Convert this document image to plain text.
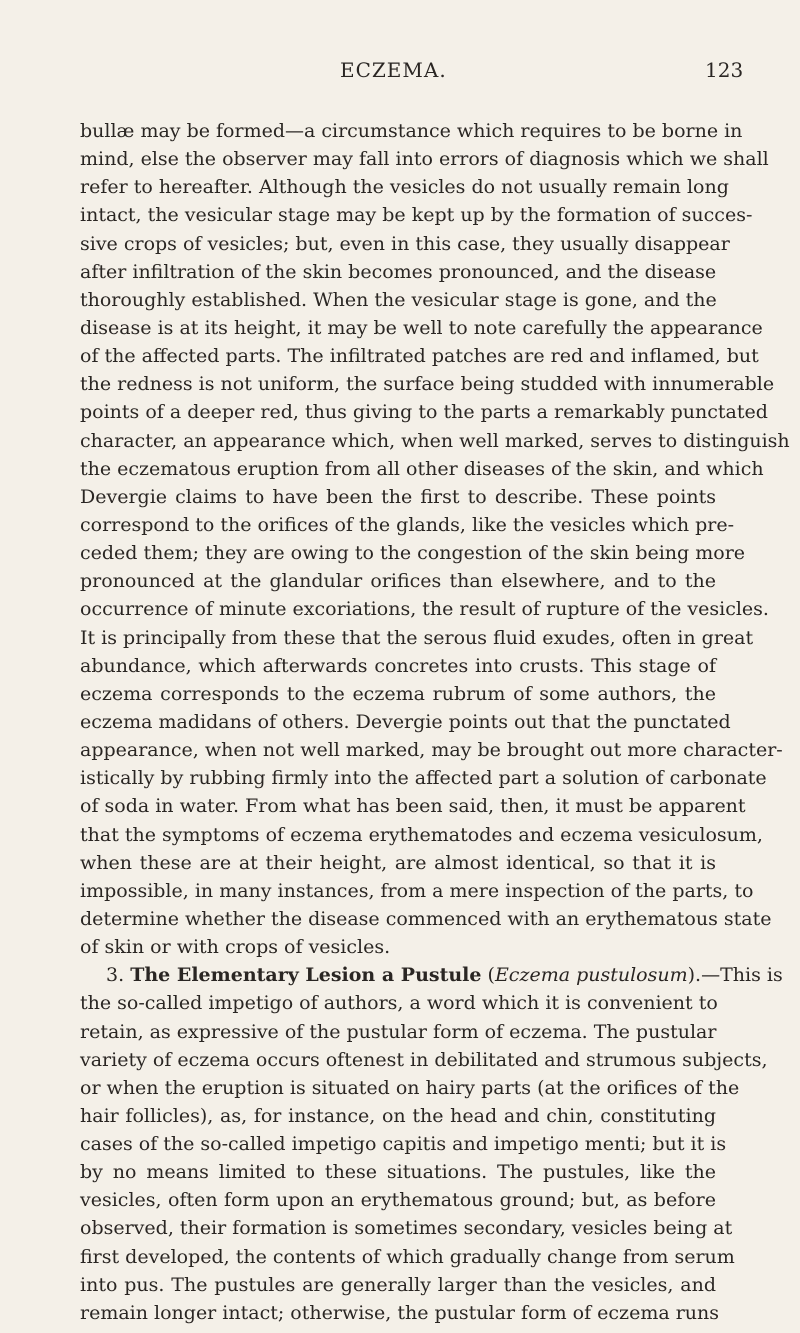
ECZEMA.	123
bullæ may be formed—a circumstance which requires to be borne in
mind, else the observer may fall into errors of diagnosis which we shall
refer to hereafter. Although the vesicles do not usually remain long
intact, the vesicular stage may be kept up by the formation of succes-
sive crops of vesicles; but, even in this case, they usually disappear
after infiltration of the skin becomes pronounced, and the disease
thoroughly established. When the vesicular stage is gone, and the
disease is at its height, it may be well to note carefully the appearance
of the affected parts. The infiltrated patches are red and inflamed, but
the redness is not uniform, the surface being studded with innumerable
points of a deeper red, thus giving to the parts a remarkably punctated
character, an appearance which, when well marked, serves to distinguish
the eczematous eruption from all other diseases of the skin, and which
Devergie claims to have been the first to describe. These points
correspond to the orifices of the glands, like the vesicles which pre-
ceded them; they are owing to the congestion of the skin being more
pronounced at the glandular orifices than elsewhere, and to the
occurrence of minute excoriations, the result of rupture of the vesicles.
It is principally from these that the serous fluid exudes, often in great
abundance, which afterwards concretes into crusts. This stage of
eczema corresponds to the eczema rubrum of some authors, the
eczema madidans of others. Devergie points out that the punctated
appearance, when not well marked, may be brought out more character-
istically by rubbing firmly into the affected part a solution of carbonate
of soda in water. From what has been said, then, it must be apparent
that the symptoms of eczema erythematodes and eczema vesiculosum,
when these are at their height, are almost identical, so that it is
impossible, in many instances, from a mere inspection of the parts, to
determine whether the disease commenced with an erythematous state
of skin or with crops of vesicles.
3. The Elementary Lesion a Pustule (Eczema pustulosum).—This is
the so-called impetigo of authors, a word which it is convenient to
retain, as expressive of the pustular form of eczema. The pustular
variety of eczema occurs oftenest in debilitated and strumous subjects,
or when the eruption is situated on hairy parts (at the orifices of the
hair follicles), as, for instance, on the head and chin, constituting
cases of the so-called impetigo capitis and impetigo menti; but it is
by no means limited to these situations. The pustules, like the
vesicles, often form upon an erythematous ground; but, as before
observed, their formation is sometimes secondary, vesicles being at
first developed, the contents of which gradually change from serum
into pus. The pustules are generally larger than the vesicles, and
remain longer intact; otherwise, the pustular form of eczema runs
